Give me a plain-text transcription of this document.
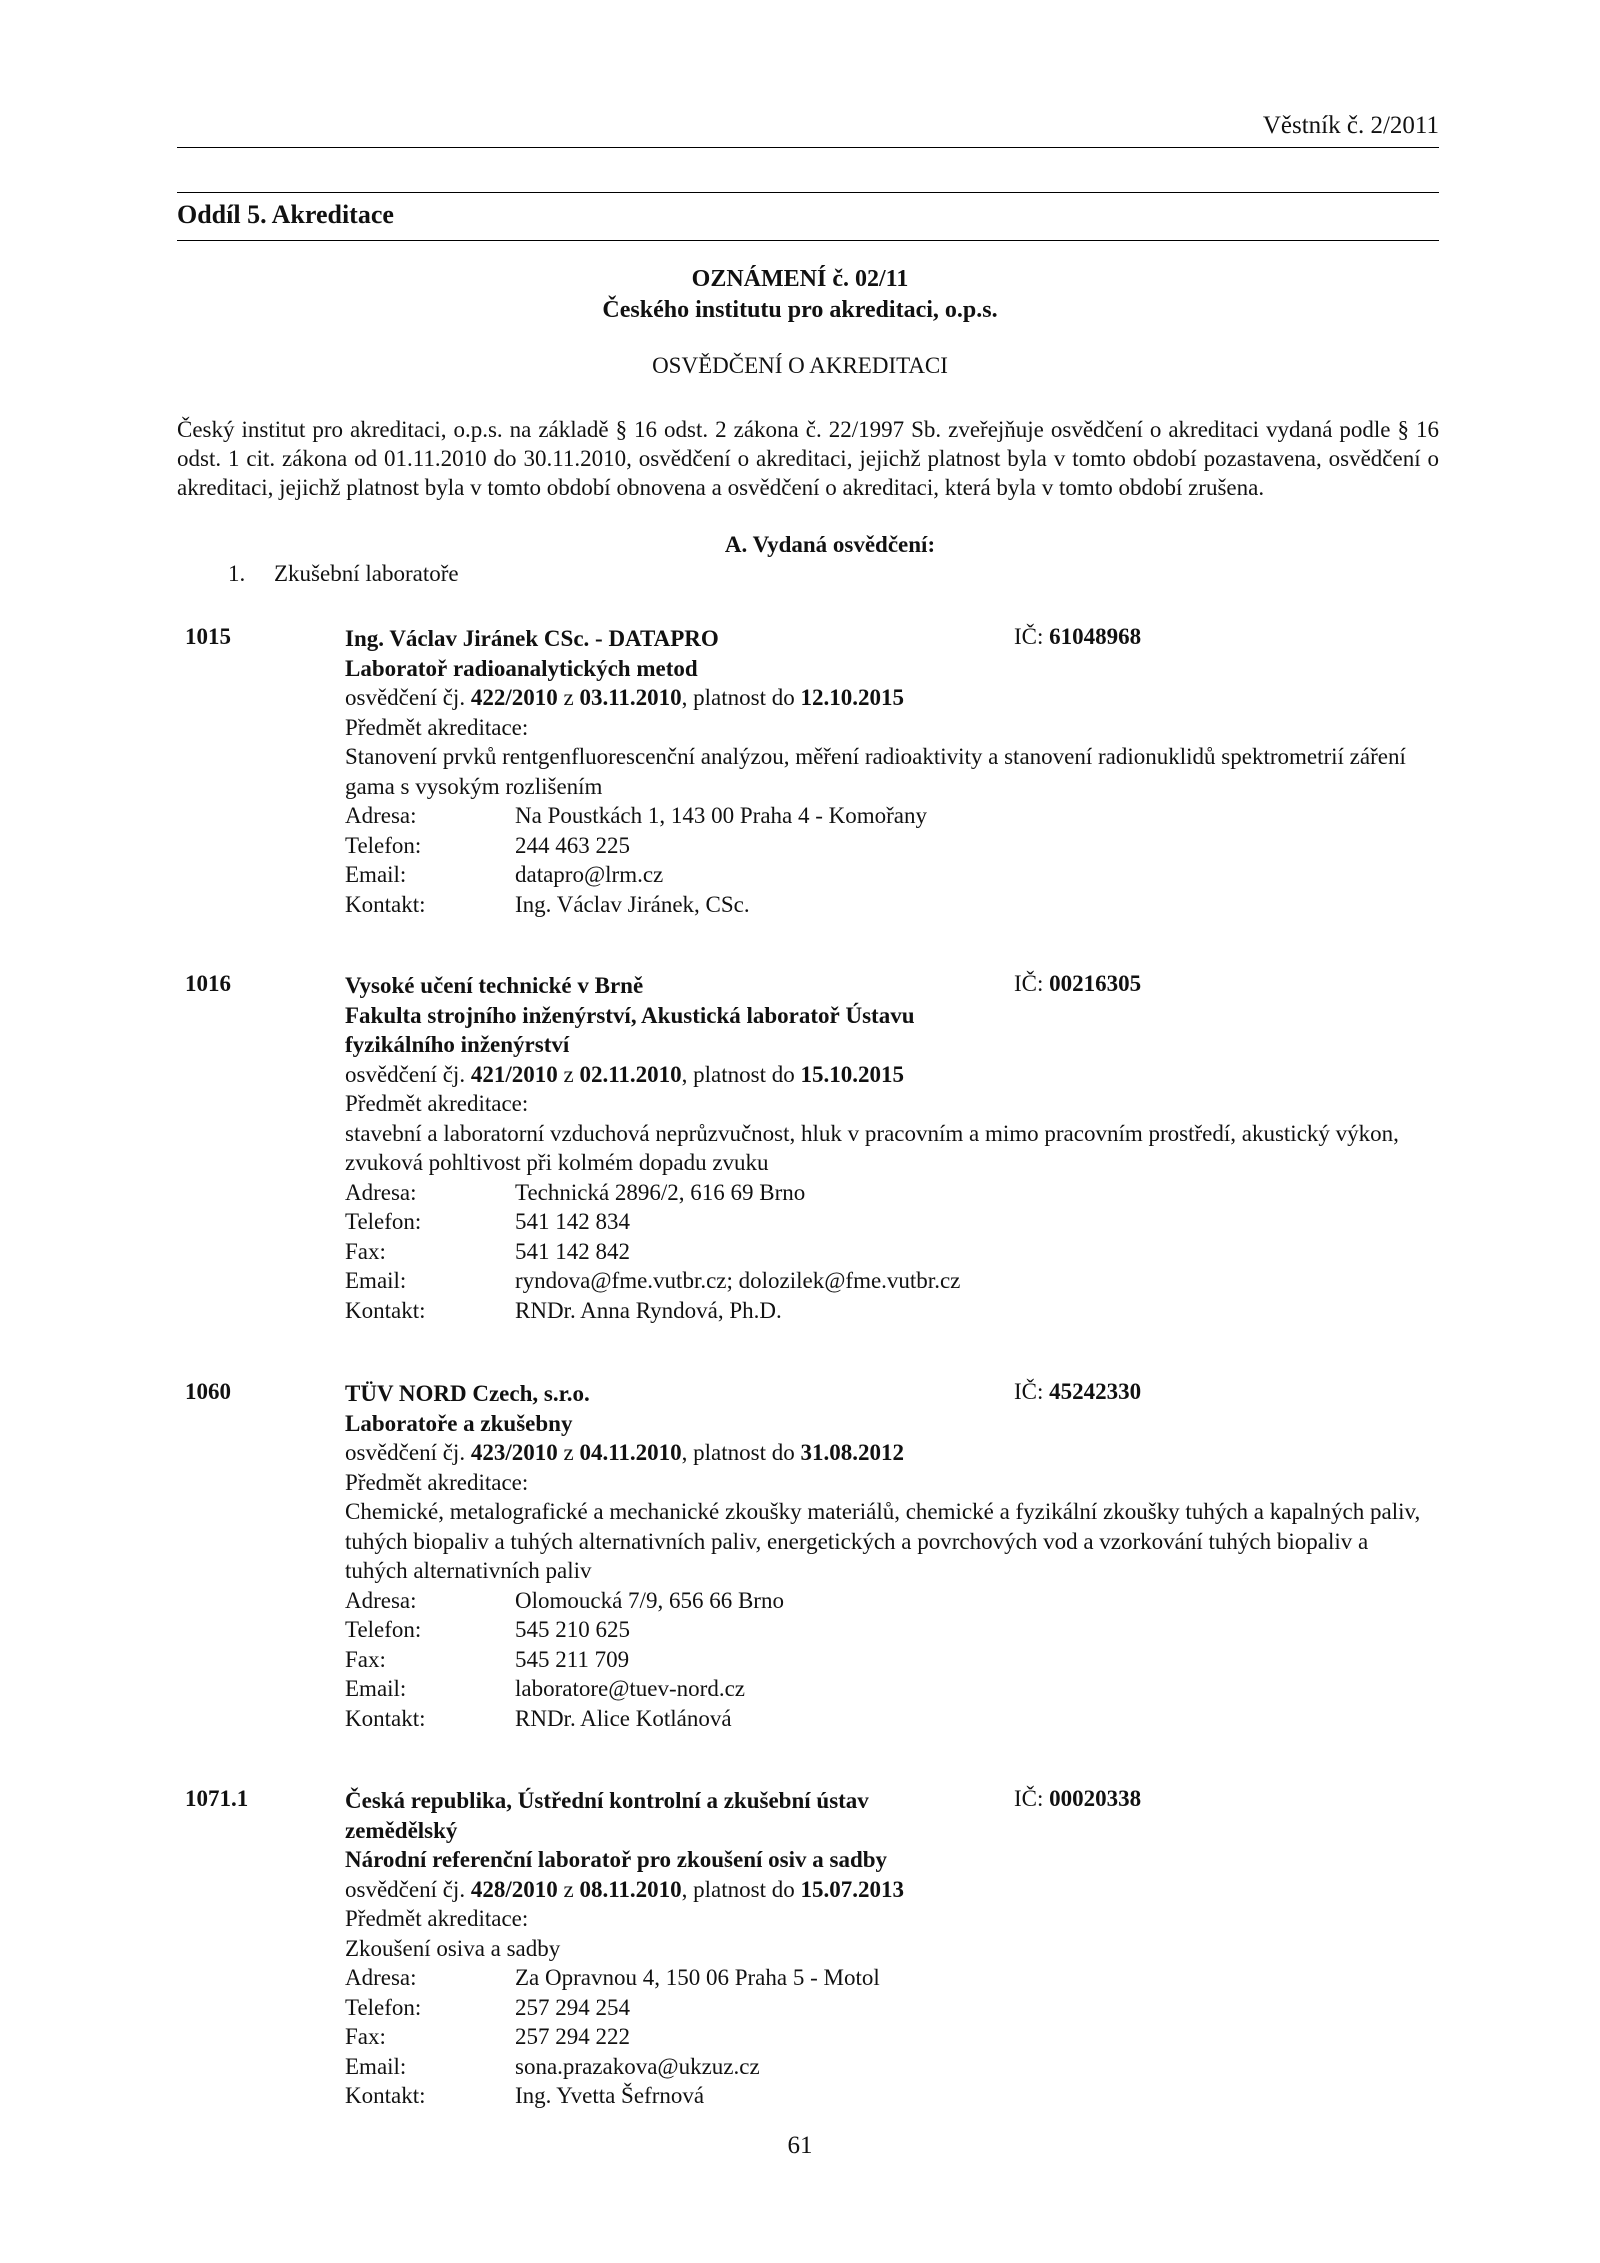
Věstník č. 2/2011
Oddíl 5. Akreditace
OZNÁMENÍ č. 02/11
Českého institutu pro akreditaci, o.p.s.
OSVĚDČENÍ O AKREDITACI
Český institut pro akreditaci, o.p.s. na základě § 16 odst. 2 zákona č. 22/1997 Sb. zveřejňuje osvědčení o akreditaci vydaná podle § 16 odst. 1 cit. zákona od 01.11.2010 do 30.11.2010, osvědčení o akreditaci, jejichž platnost byla v tomto období pozastavena, osvědčení o akreditaci, jejichž platnost byla v tomto období obnovena a osvědčení o akreditaci, která byla v tomto období zrušena.
A. Vydaná osvědčení:
1. Zkušební laboratoře
1015	IČ: 61048968
Ing. Václav Jiránek CSc. - DATAPRO
Laboratoř radioanalytických metod
osvědčení čj. 422/2010 z 03.11.2010, platnost do 12.10.2015
Předmět akreditace:
Stanovení prvků rentgenfluorescenční analýzou, měření radioaktivity a stanovení radionuklidů spektrometrií záření gama s vysokým rozlišením
Adresa:	Na Poustkách 1, 143 00 Praha 4 - Komořany
Telefon:	244 463 225
Email:	datapro@lrm.cz
Kontakt:	Ing. Václav Jiránek, CSc.
1016	IČ: 00216305
Vysoké učení technické v Brně
Fakulta strojního inženýrství, Akustická laboratoř Ústavu fyzikálního inženýrství
osvědčení čj. 421/2010 z 02.11.2010, platnost do 15.10.2015
Předmět akreditace:
stavební a laboratorní vzduchová neprůzvučnost, hluk v pracovním a mimo pracovním prostředí, akustický výkon, zvuková pohltivost při kolmém dopadu zvuku
Adresa:	Technická 2896/2, 616 69 Brno
Telefon:	541 142 834
Fax:	541 142 842
Email:	ryndova@fme.vutbr.cz; dolozilek@fme.vutbr.cz
Kontakt:	RNDr. Anna Ryndová, Ph.D.
1060	IČ: 45242330
TÜV NORD Czech, s.r.o.
Laboratoře a zkušebny
osvědčení čj. 423/2010 z 04.11.2010, platnost do 31.08.2012
Předmět akreditace:
Chemické, metalografické a mechanické zkoušky materiálů, chemické a fyzikální zkoušky tuhých a kapalných paliv, tuhých biopaliv a tuhých alternativních paliv, energetických a povrchových vod a vzorkování tuhých biopaliv a tuhých alternativních paliv
Adresa:	Olomoucká 7/9, 656 66 Brno
Telefon:	545 210 625
Fax:	545 211 709
Email:	laboratore@tuev-nord.cz
Kontakt:	RNDr. Alice Kotlánová
1071.1	IČ: 00020338
Česká republika, Ústřední kontrolní a zkušební ústav zemědělský
Národní referenční laboratoř pro zkoušení osiv a sadby
osvědčení čj. 428/2010 z 08.11.2010, platnost do 15.07.2013
Předmět akreditace:
Zkoušení osiva a sadby
Adresa:	Za Opravnou 4, 150 06 Praha 5 - Motol
Telefon:	257 294 254
Fax:	257 294 222
Email:	sona.prazakova@ukzuz.cz
Kontakt:	Ing. Yvetta Šefrnová
61
